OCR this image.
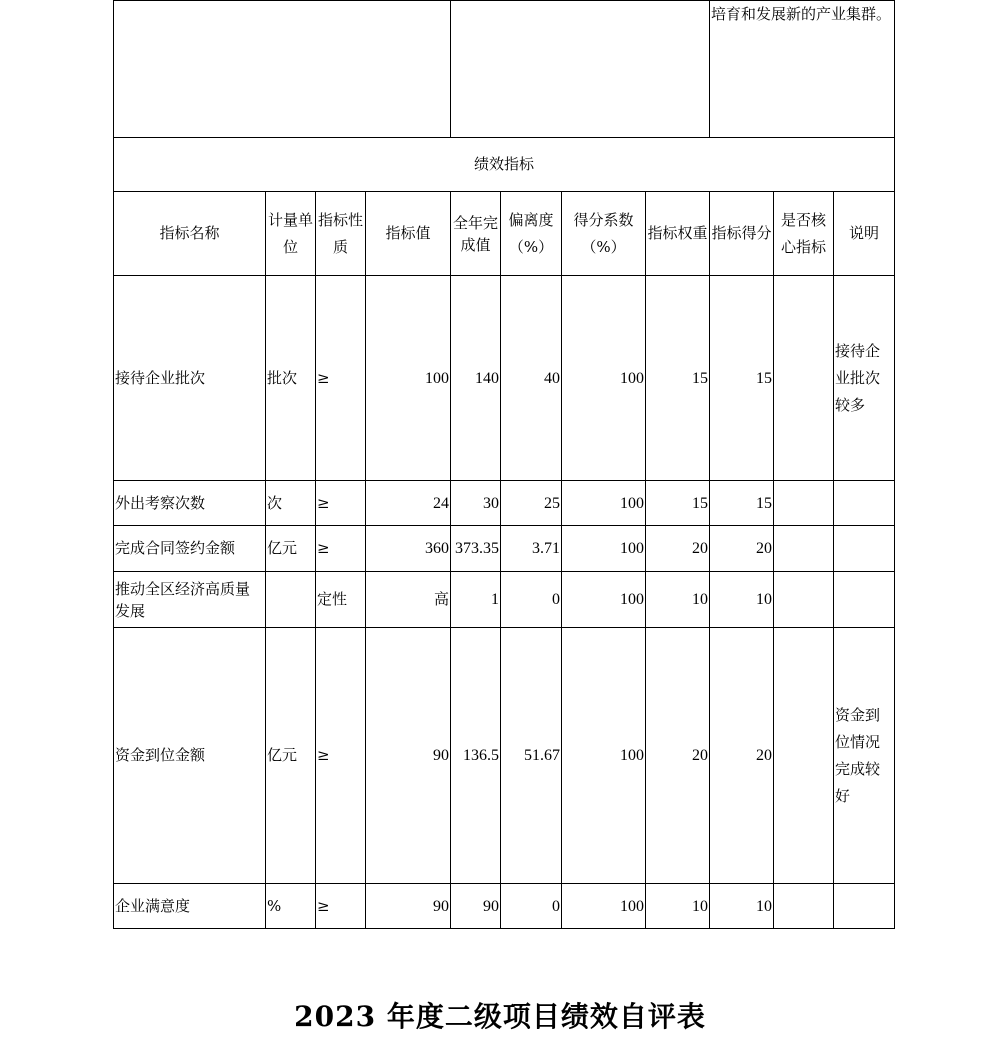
								培育和发展新的产业集群。		
绩效指标										
指标名称	计量单位	指标性质	指标值	全年完成值	偏离度（%）	得分系数（%）	指标权重	指标得分	是否核心指标	说明
接待企业批次	批次	≥	100	140	40	100	15	15		接待企业批次较多
外出考察次数	次	≥	24	30	25	100	15	15		
完成合同签约金额	亿元	≥	360	373.35	3.71	100	20	20		
推动全区经济高质量发展		定性	高	1	0	100	10	10		
资金到位金额	亿元	≥	90	136.5	51.67	100	20	20		资金到位情况完成较好
企业满意度	%	≥	90	90	0	100	10	10		
2023 年度二级项目绩效自评表
